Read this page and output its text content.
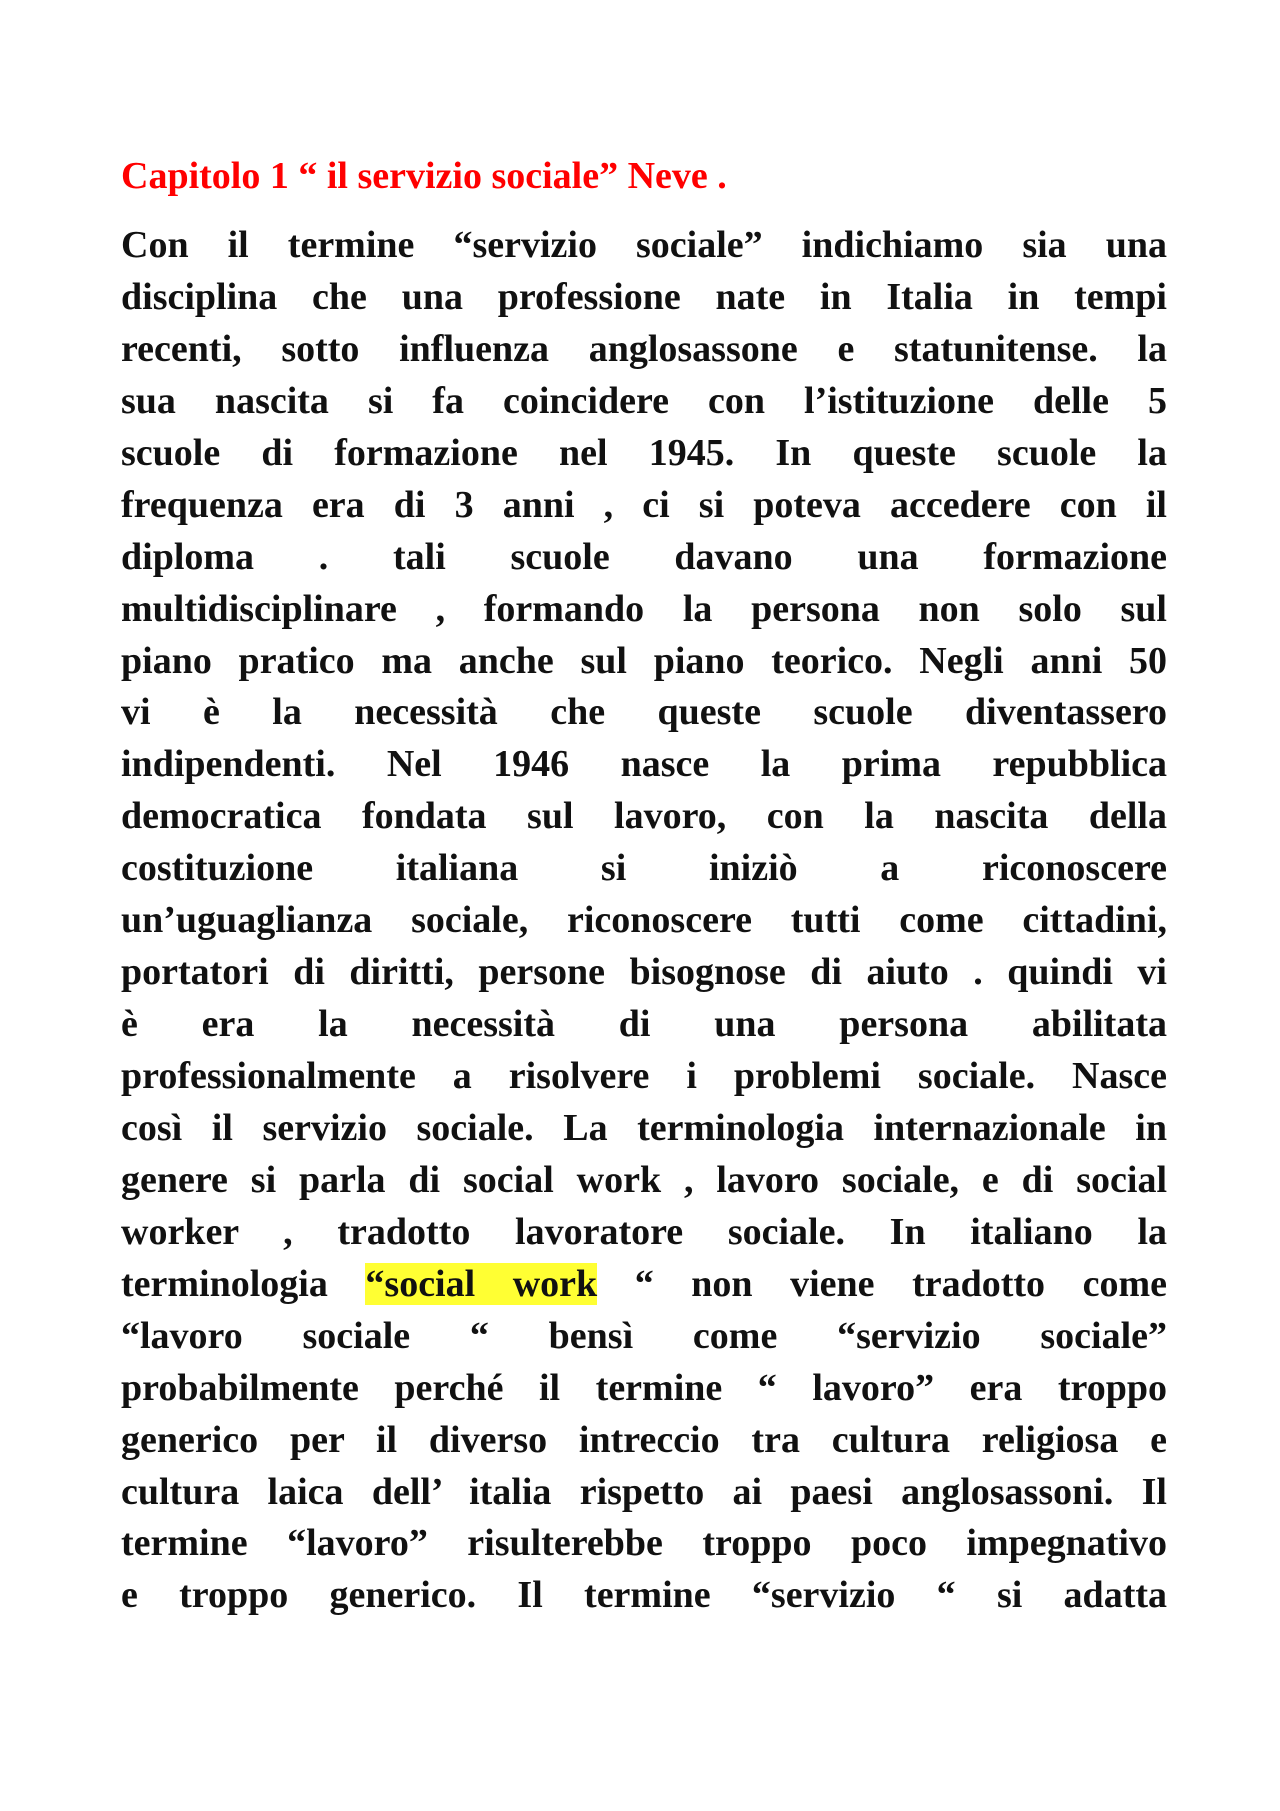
Capitolo 1 “ il servizio sociale” Neve .
Con il termine “servizio sociale” indichiamo sia una
disciplina che una professione nate in Italia in tempi
recenti, sotto influenza anglosassone e statunitense. la
sua nascita si fa coincidere con l’istituzione delle 5
scuole di formazione nel 1945. In queste scuole la
frequenza era di 3 anni , ci si poteva accedere con il
diploma . tali scuole davano una formazione
multidisciplinare , formando la persona non solo sul
piano pratico ma anche sul piano teorico. Negli anni 50
vi è la necessità che queste scuole diventassero
indipendenti. Nel 1946 nasce la prima repubblica
democratica fondata sul lavoro, con la nascita della
costituzione italiana si iniziò a riconoscere
un’uguaglianza sociale, riconoscere tutti come cittadini,
portatori di diritti, persone bisognose di aiuto . quindi vi
è era la necessità di una persona abilitata
professionalmente a risolvere i problemi sociale. Nasce
così il servizio sociale. La terminologia internazionale in
genere si parla di social work , lavoro sociale, e di social
worker , tradotto lavoratore sociale. In italiano la
terminologia “social work “ non viene tradotto come
“lavoro sociale “ bensì come “servizio sociale”
probabilmente perché il termine “ lavoro” era troppo
generico per il diverso intreccio tra cultura religiosa e
cultura laica dell’ italia rispetto ai paesi anglosassoni. Il
termine “lavoro” risulterebbe troppo poco impegnativo
e troppo generico. Il termine “servizio “ si adatta
